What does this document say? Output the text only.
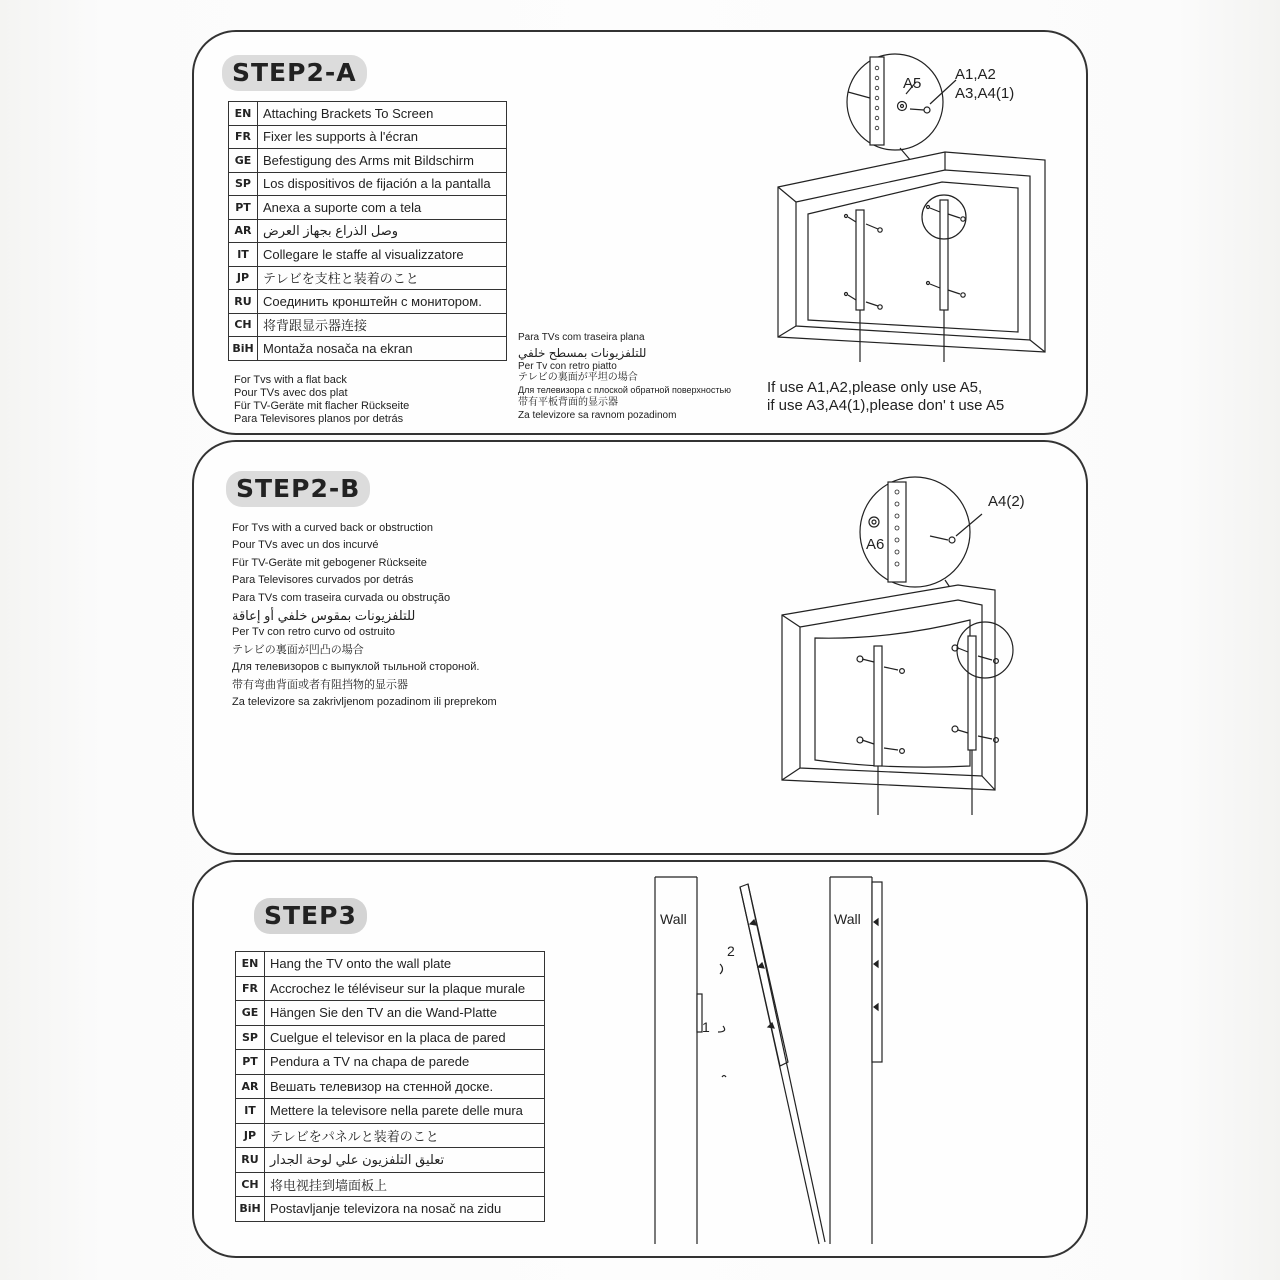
STEP2-A
EN	Attaching Brackets To Screen
FR	Fixer les supports à l'écran
GE	Befestigung des Arms mit Bildschirm
SP	Los dispositivos de fijación a la pantalla
PT	Anexa a suporte com a tela
AR	وصل الذراع بجهاز العرض
IT	Collegare le staffe al visualizzatore
JP	テレビを支柱と装着のこと
RU	Соединить кронштейн с монитором.
CH	将背跟显示器连接
BiH	Montaža nosača na ekran
For Tvs with a flat back
Pour TVs avec dos plat
Für TV-Geräte mit flacher Rückseite
Para Televisores planos por detrás
Para TVs com traseira plana
للتلفزيونات بمسطح خلفي
Per Tv con retro piatto
テレビの裏面が平坦の場合
Для телевизора с плоской обратной поверхностью
带有平板背面的显示器
Za televizore sa ravnom pozadinom
If use A1,A2,please only use A5,
if use A3,A4(1),please don' t use A5
A5
A1,A2
A3,A4(1)
STEP2-B
For Tvs with a curved back or obstruction
Pour TVs avec un dos incurvé
Für TV-Geräte mit gebogener Rückseite
Para Televisores curvados por detrás
Para TVs com traseira curvada ou obstrução
للتلفزيونات بمقوس خلفي أو إعاقة
Per Tv con retro curvo od ostruito
テレビの裏面が凹凸の場合
Для телевизоров с выпуклой тыльной стороной.
带有弯曲背面或者有阻挡物的显示器
Za televizore sa zakrivljenom pozadinom ili preprekom
A4(2)
A6
STEP3
EN	Hang the TV onto the wall plate
FR	Accrochez le téléviseur sur la plaque murale
GE	Hängen Sie den TV an die Wand-Platte
SP	Cuelgue el televisor en la placa de pared
PT	Pendura a TV na chapa de parede
AR	Вешать телевизор на стенной доске.
IT	Mettere la televisore nella parete delle mura
JP	テレビをパネルと装着のこと
RU	تعليق التلفزيون علي لوحة الجدار
CH	将电视挂到墙面板上
BiH	Postavljanje televizora na nosač na zidu
Wall	Wall
2
1
